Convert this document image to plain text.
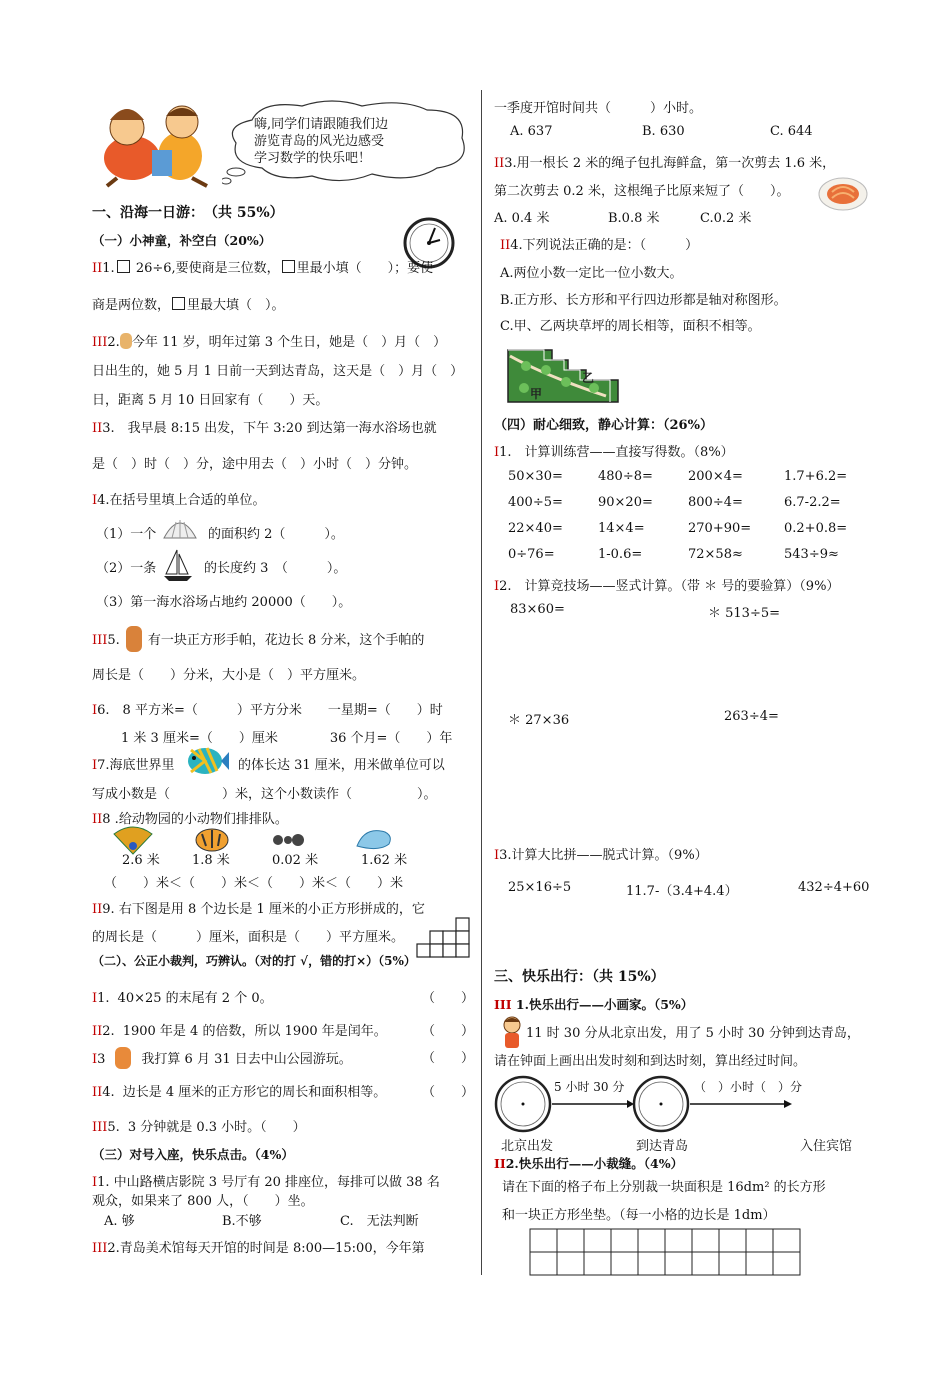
嗨,同学们请跟随我们边
游览青岛的风光边感受
学习数学的快乐吧！
一、沿海一日游：　（共 55%）
（一）小神童，补空白（20%）
II1. 26÷6,要使商是三位数， 里最小填（　　）；要使
商是两位数， 里最大填（　）。
III2. 今年 11 岁，明年过第 3 个生日，她是（　）月（　）
日出生的，她 5 月 1 日前一天到达青岛，这天是（　）月（　）
日，距离 5 月 10 日回家有（　　）天。
II3.　我早晨 8:15 出发，下午 3:20 到达第一海水浴场也就
是（　）时（　）分，途中用去（　）小时（　）分钟。
I4.在括号里填上合适的单位。
（1）一个	的面积约 2（　　　）。
（2）一条	的长度约 3　（　　　）。
（3）第一海水浴场占地约 20000（　　）。
III5. 有一块正方形手帕，花边长 8 分米，这个手帕的
周长是（　　）分米，大小是（　）平方厘米。
I6.　8 平方米=（　　　）平方分米　　一星期=（　　）时
1 米 3 厘米=（　　）厘米　　　　36 个月=（　　）年
I7.海底世界里	的体长达 31 厘米，用米做单位可以
写成小数是（　　　　）米，这个小数读作（　　　　　）。
II8 .给动物园的小动物们排排队。
2.6 米 1.8 米	0.02 米	1.62 米
（　　）米＜（　　）米＜（　　）米＜（　　）米
II9. 右下图是用 8 个边长是 1 厘米的小正方形拼成的，它
的周长是（　　　）厘米，面积是（　　）平方厘米。
（二）、公正小裁判，巧辨认。（对的打 √，错的打×）（5%）
I1. 40×25 的末尾有 2 个 0。	（　　）
II2. 1900 年是 4 的倍数，所以 1900 年是闰年。	（　　）
I3	我打算 6 月 31 日去中山公园游玩。	（　　）
II4. 边长是 4 厘米的正方形它的周长和面积相等。	（　　）
III5. 3 分钟就是 0.3 小时。（　　）
（三）对号入座，快乐点击。（4%）
I1. 中山路横店影院 3 号厅有 20 排座位，每排可以做 38 名
观众，如果来了 800 人，（　　）坐。
A. 够	B.不够	C.　无法判断
III2.青岛美术馆每天开馆的时间是 8:00—15:00，今年第
一季度开馆时间共（　　　）小时。
A. 637	B. 630	C. 644
II3.用一根长 2 米的绳子包扎海鲜盒，第一次剪去 1.6 米，
第二次剪去 0.2 米，这根绳子比原来短了（　　）。
A. 0.4 米	B.0.8 米	C.0.2 米
II4.下列说法正确的是：（　　　）
A.两位小数一定比一位小数大。
B.正方形、长方形和平行四边形都是轴对称图形。
C.甲、乙两块草坪的周长相等，面积不相等。
乙
甲
（四）耐心细致，静心计算：（26%）
I1.　计算训练营——直接写得数。（8%）
50×30=	480÷8=	200×4=	1.7+6.2=
400÷5=	90×20=	800÷4=	6.7-2.2=
22×40=	14×4=	270+90=	0.2+0.8=
0÷76=	1-0.6=	72×58≈	543÷9≈
I2.　计算竞技场——竖式计算。（带 ＊ 号的要验算）（9%）
83×60=	＊ 513÷5=
＊ 27×36	263÷4=
I3.计算大比拼——脱式计算。（9%）
25×16÷5	11.7-（3.4+4.4）	432÷4+60
三、快乐出行：（共 15%）
III 1.快乐出行——小画家。（5%）
11 时 30 分从北京出发，用了 5 小时 30 分钟到达青岛，
请在钟面上画出出发时刻和到达时刻，算出经过时间。
5 小时 30 分	（　）小时（　）分
北京出发	到达青岛	入住宾馆
II2.快乐出行——小裁缝。（4%）
请在下面的格子布上分别裁一块面积是 16dm² 的长方形
和一块正方形坐垫。（每一小格的边长是 1dm）
